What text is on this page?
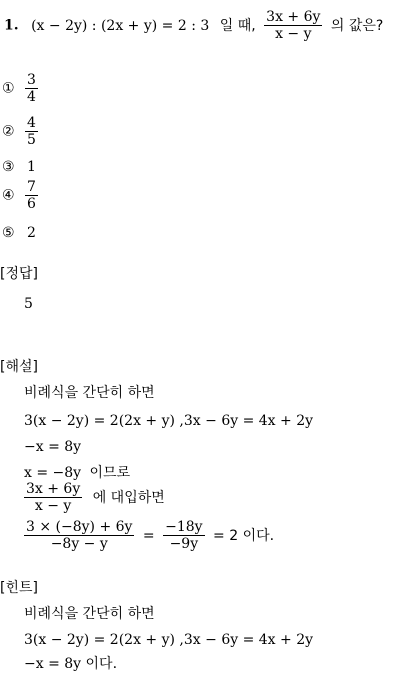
1. (x − 2y) : (2x + y) = 2 : 3 일 때, $\frac{3x + 6y}{x - y}$ 의 값은?
① $\frac{3}{4}$
② $\frac{4}{5}$
③ 1
④ $\frac{7}{6}$
⑤ 2
[정답]
5
[해설]
비례식을 간단히 하면
3(x − 2y) = 2(2x + y) ,3x − 6y = 4x + 2y
−x = 8y
x = −8y 이므로
$\frac{3x + 6y}{x - y}$ 에 대입하면
$\frac{3 \times (-8y) + 6y}{-8y - y} = \frac{-18y}{-9y} = 2$ 이다.
[힌트]
비례식을 간단히 하면
3(x − 2y) = 2(2x + y) ,3x − 6y = 4x + 2y
−x = 8y 이다.
